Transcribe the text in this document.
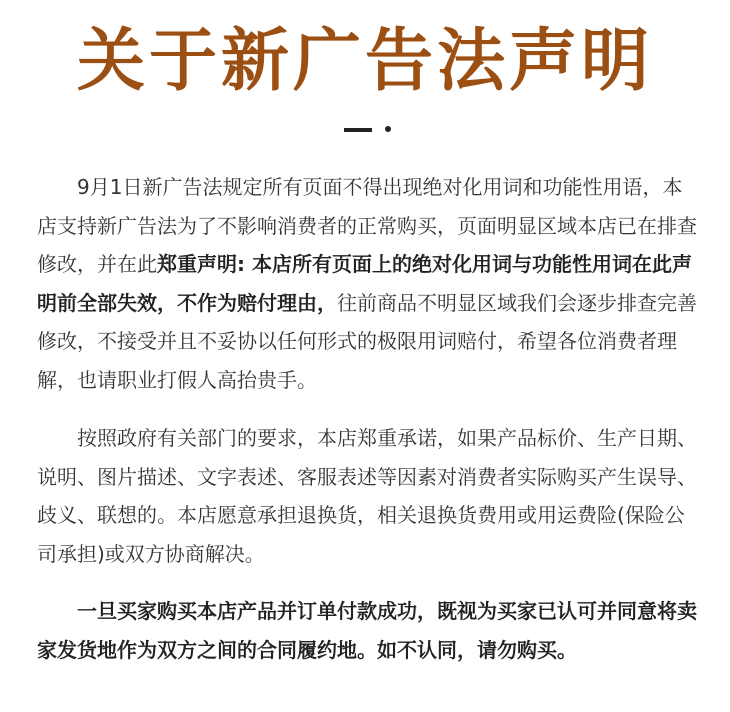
关于新广告法声明

9月1日新广告法规定所有页面不得出现绝对化用词和功能性用语，本店支持新广告法为了不影响消费者的正常购买，页面明显区域本店已在排查修改，并在此郑重声明: 本店所有页面上的绝对化用词与功能性用词在此声明前全部失效，不作为赔付理由，往前商品不明显区域我们会逐步排查完善修改，不接受并且不妥协以任何形式的极限用词赔付，希望各位消费者理解，也请职业打假人高抬贵手。

按照政府有关部门的要求，本店郑重承诺，如果产品标价、生产日期、说明、图片描述、文字表述、客服表述等因素对消费者实际购买产生误导、歧义、联想的。本店愿意承担退换货，相关退换货费用或用运费险(保险公司承担)或双方协商解决。

一旦买家购买本店产品并订单付款成功，既视为买家已认可并同意将卖家发货地作为双方之间的合同履约地。如不认同，请勿购买。
